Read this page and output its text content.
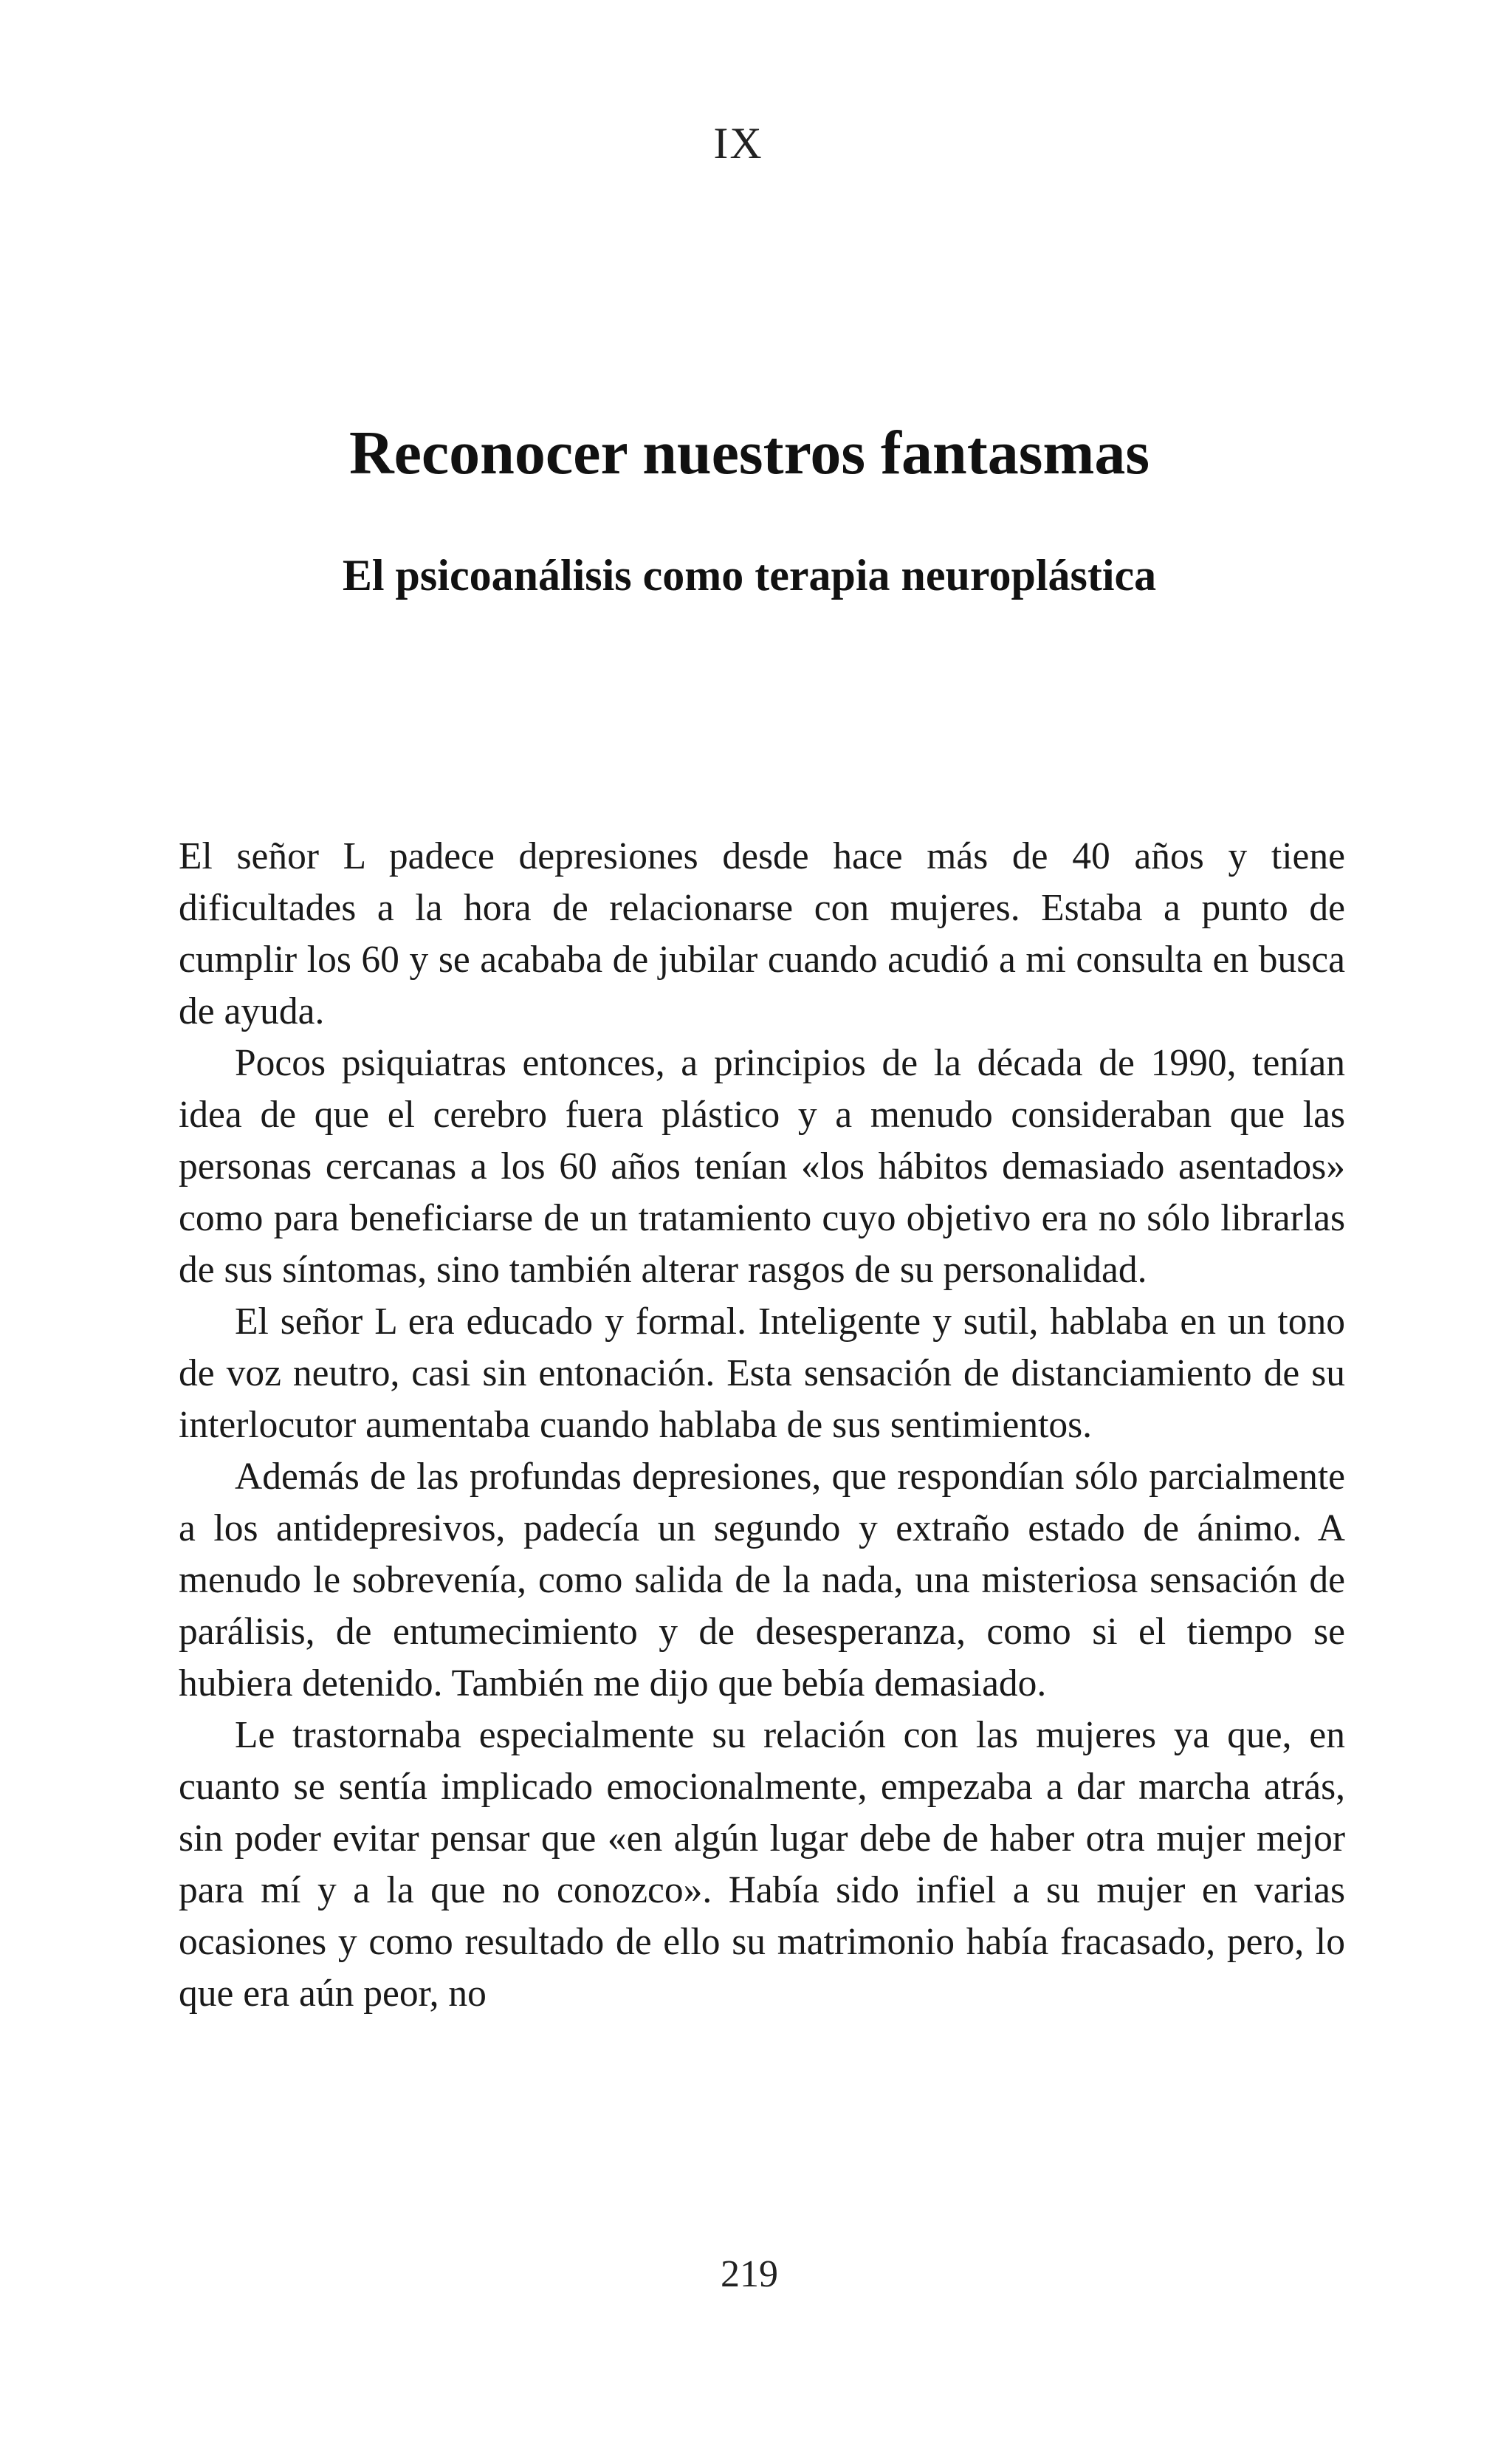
IX
Reconocer nuestros fantasmas
El psicoanálisis como terapia neuroplástica

El señor L padece depresiones desde hace más de 40 años y tiene dificultades a la hora de relacionarse con mujeres. Estaba a punto de cumplir los 60 y se acababa de jubilar cuando acudió a mi consulta en busca de ayuda.

Pocos psiquiatras entonces, a principios de la década de 1990, tenían idea de que el cerebro fuera plástico y a menudo consideraban que las personas cercanas a los 60 años tenían «los hábitos demasiado asentados» como para beneficiarse de un tratamiento cuyo objetivo era no sólo librarlas de sus síntomas, sino también alterar rasgos de su personalidad.

El señor L era educado y formal. Inteligente y sutil, hablaba en un tono de voz neutro, casi sin entonación. Esta sensación de distanciamiento de su interlocutor aumentaba cuando hablaba de sus sentimientos.

Además de las profundas depresiones, que respondían sólo parcialmente a los antidepresivos, padecía un segundo y extraño estado de ánimo. A menudo le sobrevenía, como salida de la nada, una misteriosa sensación de parálisis, de entumecimiento y de desesperanza, como si el tiempo se hubiera detenido. También me dijo que bebía demasiado.

Le trastornaba especialmente su relación con las mujeres ya que, en cuanto se sentía implicado emocionalmente, empezaba a dar marcha atrás, sin poder evitar pensar que «en algún lugar debe de haber otra mujer mejor para mí y a la que no conozco». Había sido infiel a su mujer en varias ocasiones y como resultado de ello su matrimonio había fracasado, pero, lo que era aún peor, no

219
